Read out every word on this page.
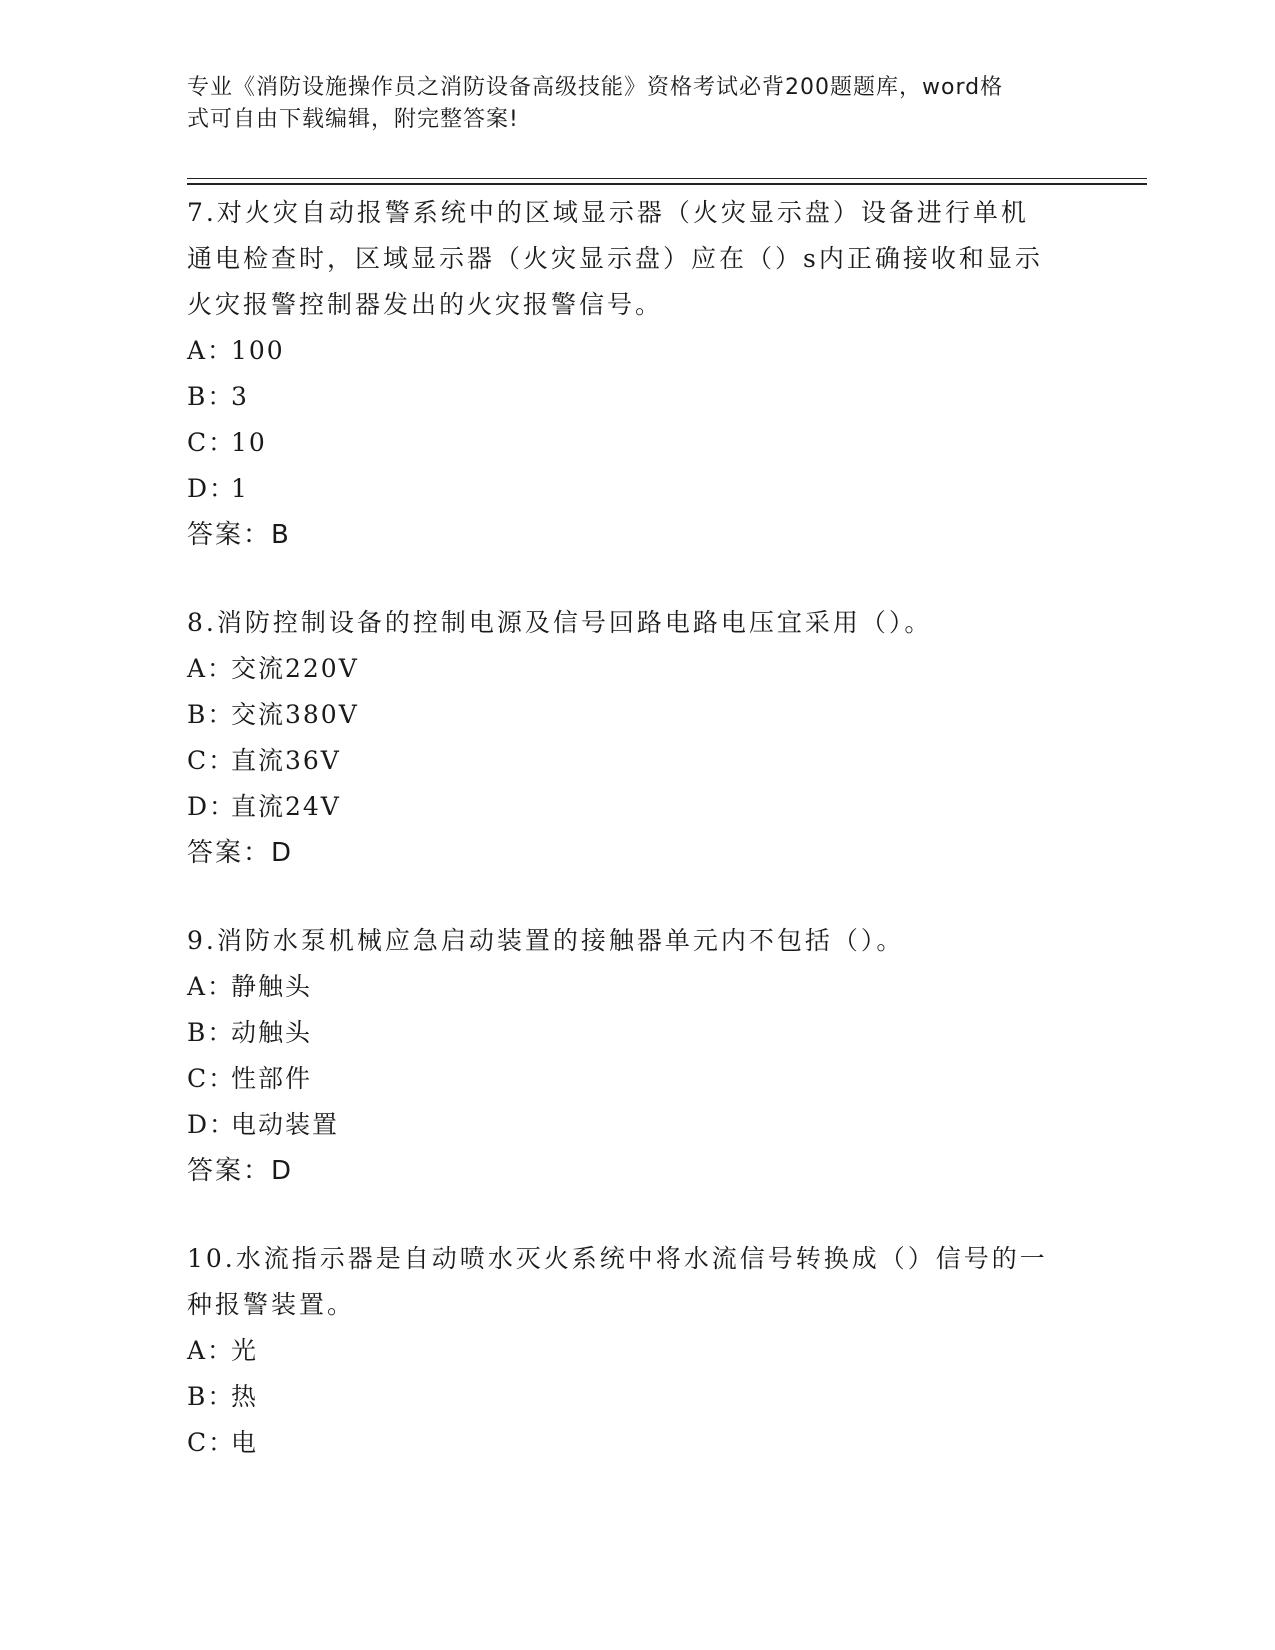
专业《消防设施操作员之消防设备高级技能》资格考试必背200题题库，word格
式可自由下载编辑，附完整答案!
7.对火灾自动报警系统中的区域显示器（火灾显示盘）设备进行单机
通电检查时，区域显示器（火灾显示盘）应在（）s内正确接收和显示
火灾报警控制器发出的火灾报警信号。
A：100
B：3
C：10
D：1
答案：B
8.消防控制设备的控制电源及信号回路电路电压宜采用（）。
A：交流220V
B：交流380V
C：直流36V
D：直流24V
答案：D
9.消防水泵机械应急启动装置的接触器单元内不包括（）。
A：静触头
B：动触头
C：性部件
D：电动装置
答案：D
10.水流指示器是自动喷水灭火系统中将水流信号转换成（）信号的一
种报警装置。
A：光
B：热
C：电
